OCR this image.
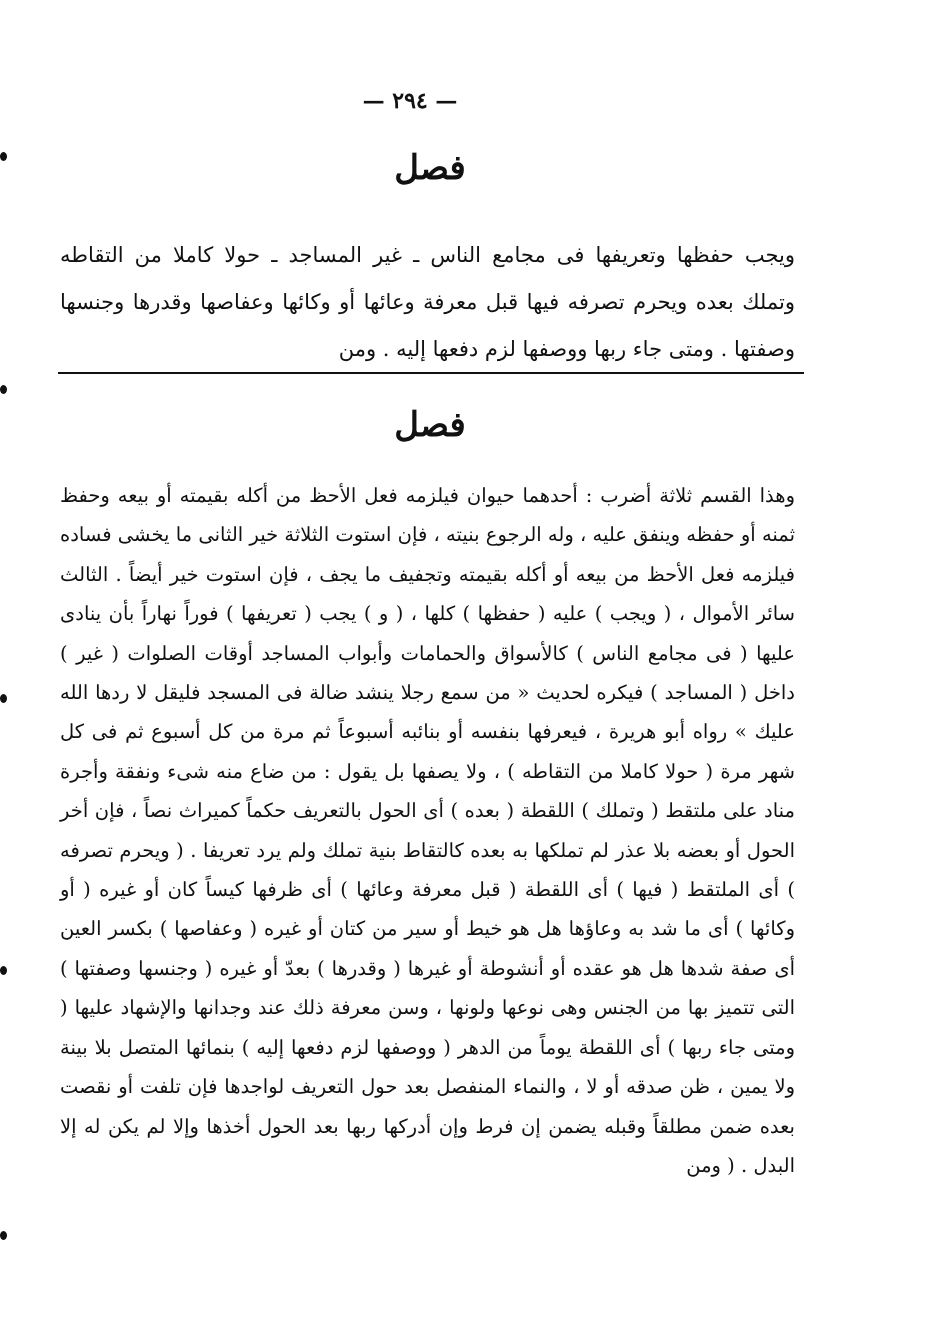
— ٢٩٤ —
فصل
ويجب حفظها وتعريفها فى مجامع الناس ـ غير المساجد ـ حولا كاملا من التقاطه وتملك بعده ويحرم تصرفه فيها قبل معرفة وعائها أو وكائها وعفاصها وقدرها وجنسها وصفتها . ومتى جاء ربها ووصفها لزم دفعها إليه . ومن
فصل
وهذا القسم ثلاثة أضرب : أحدهما حيوان فيلزمه فعل الأحظ من أكله بقيمته أو بيعه وحفظ ثمنه أو حفظه وينفق عليه ، وله الرجوع بنيته ، فإن استوت الثلاثة خير الثانى ما يخشى فساده فيلزمه فعل الأحظ من بيعه أو أكله بقيمته وتجفيف ما يجف ، فإن استوت خير أيضاً . الثالث سائر الأموال ، ( ويجب ) عليه ( حفظها ) كلها ، ( و ) يجب ( تعريفها ) فوراً نهاراً بأن ينادى عليها ( فى مجامع الناس ) كالأسواق والحمامات وأبواب المساجد أوقات الصلوات ( غير ) داخل ( المساجد ) فيكره لحديث « من سمع رجلا ينشد ضالة فى المسجد فليقل لا ردها الله عليك » رواه أبو هريرة ، فيعرفها بنفسه أو بنائبه أسبوعاً ثم مرة من كل أسبوع ثم فى كل شهر مرة ( حولا كاملا من التقاطه ) ، ولا يصفها بل يقول : من ضاع منه شىء ونفقة وأجرة مناد على ملتقط ( وتملك ) اللقطة ( بعده ) أى الحول بالتعريف حكماً كميراث نصاً ، فإن أخر الحول أو بعضه بلا عذر لم تملكها به بعده كالتقاط بنية تملك ولم يرد تعريفا . ( ويحرم تصرفه ) أى الملتقط ( فيها ) أى اللقطة ( قبل معرفة وعائها ) أى ظرفها كيساً كان أو غيره ( أو وكائها ) أى ما شد به وعاؤها هل هو خيط أو سير من كتان أو غيره ( وعفاصها ) بكسر العين أى صفة شدها هل هو عقده أو أنشوطة أو غيرها ( وقدرها ) بعدّ أو غيره ( وجنسها وصفتها ) التى تتميز بها من الجنس وهى نوعها ولونها ، وسن معرفة ذلك عند وجدانها والإشهاد عليها ( ومتى جاء ربها ) أى اللقطة يوماً من الدهر ( ووصفها لزم دفعها إليه ) بنمائها المتصل بلا بينة ولا يمين ، ظن صدقه أو لا ، والنماء المنفصل بعد حول التعريف لواجدها فإن تلفت أو نقصت بعده ضمن مطلقاً وقبله يضمن إن فرط وإن أدركها ربها بعد الحول أخذها وإلا لم يكن له إلا البدل . ( ومن
